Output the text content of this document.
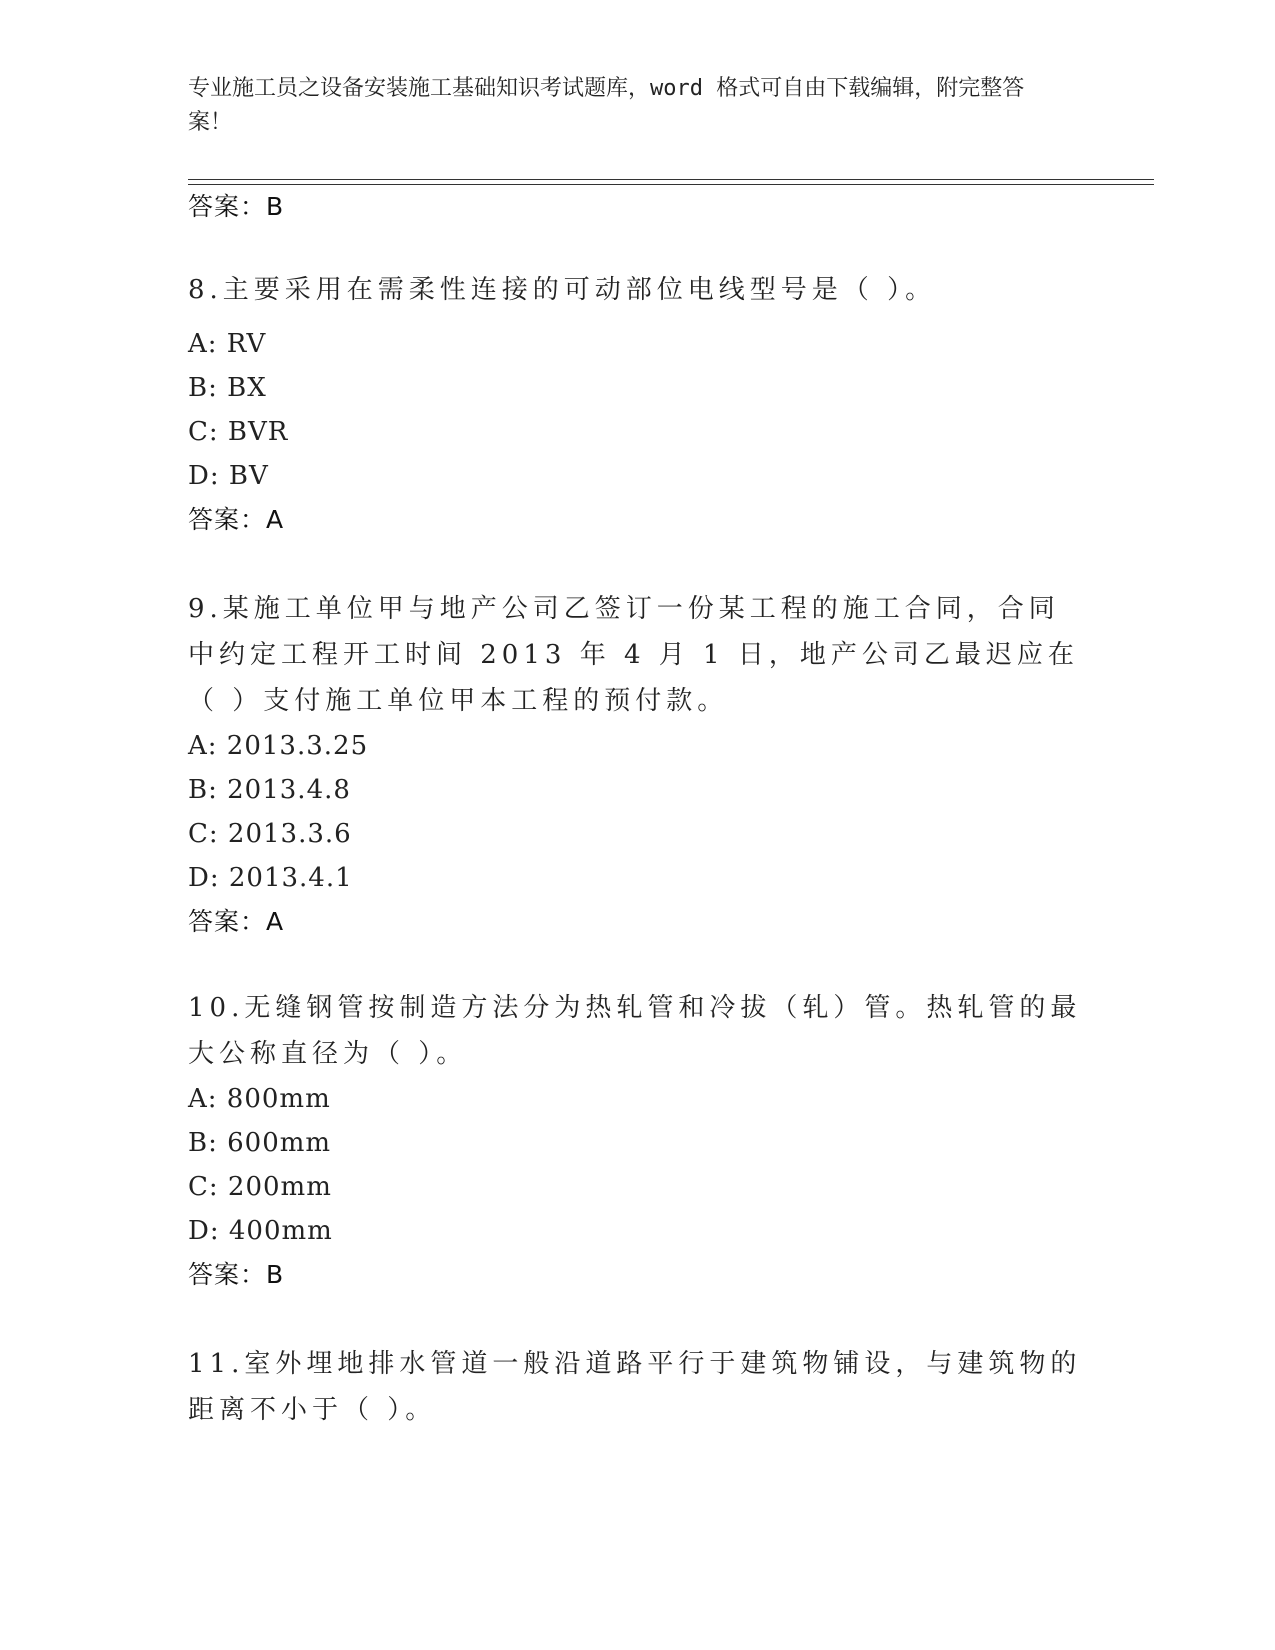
专业施工员之设备安装施工基础知识考试题库，word 格式可自由下载编辑，附完整答案！
答案：B
8.主要采用在需柔性连接的可动部位电线型号是（ ）。
A: RV
B: BX
C: BVR
D: BV
答案：A
9.某施工单位甲与地产公司乙签订一份某工程的施工合同，合同中约定工程开工时间 2013 年 4 月 1 日，地产公司乙最迟应在（ ）支付施工单位甲本工程的预付款。
A: 2013.3.25
B: 2013.4.8
C: 2013.3.6
D: 2013.4.1
答案：A
10.无缝钢管按制造方法分为热轧管和冷拔（轧）管。热轧管的最大公称直径为（ ）。
A: 800mm
B: 600mm
C: 200mm
D: 400mm
答案：B
11.室外埋地排水管道一般沿道路平行于建筑物铺设，与建筑物的距离不小于（ ）。
